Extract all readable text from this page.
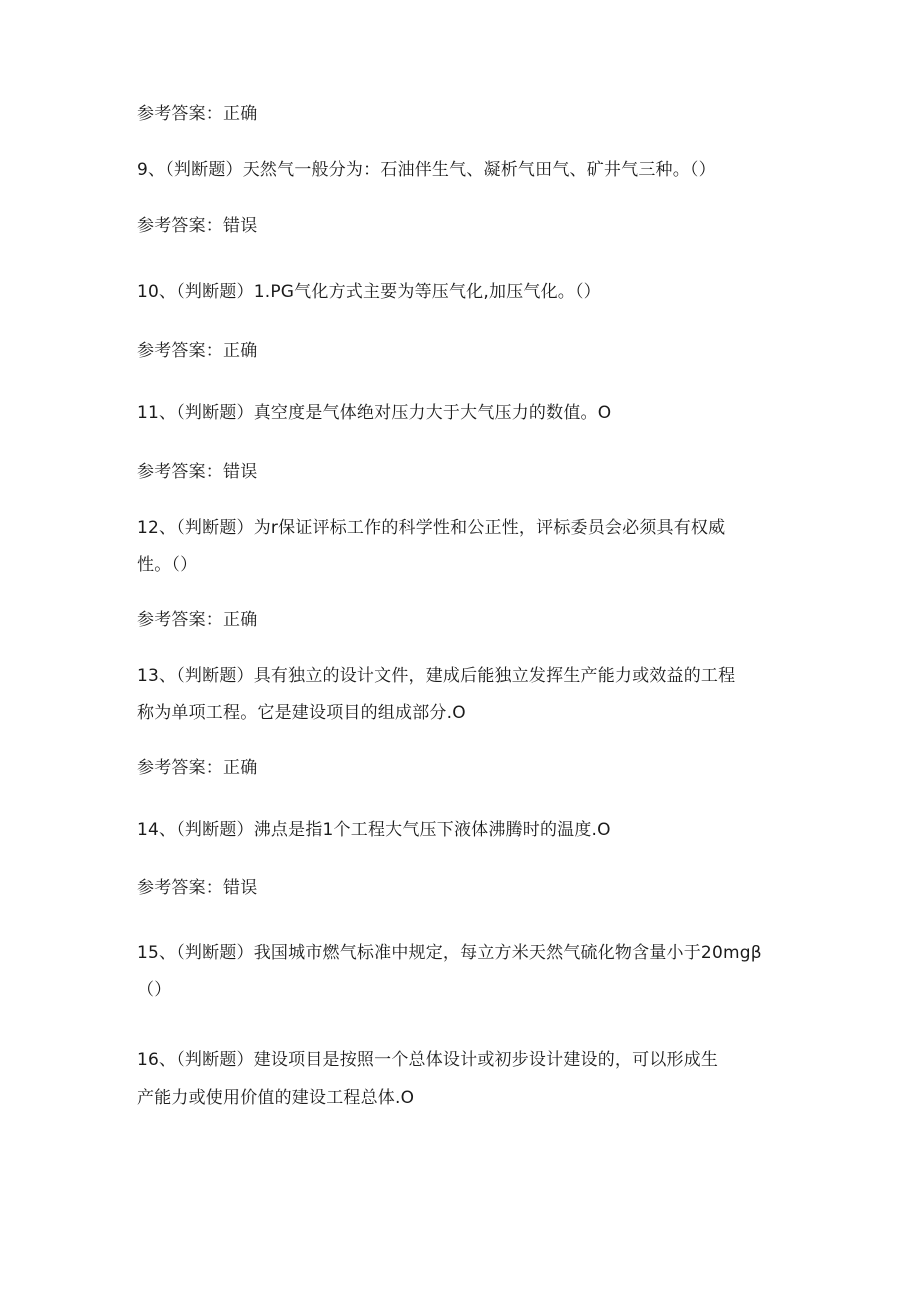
参考答案：正确
9、（判断题）天然气一般分为：石油伴生气、凝析气田气、矿井气三种。（）
参考答案：错误
10、（判断题）1.PG气化方式主要为等压气化,加压气化。（）
参考答案：正确
11、（判断题）真空度是气体绝对压力大于大气压力的数值。O
参考答案：错误
12、（判断题）为r保证评标工作的科学性和公正性，评标委员会必须具有权威
性。（）
参考答案：正确
13、（判断题）具有独立的设计文件，建成后能独立发挥生产能力或效益的工程
称为单项工程。它是建设项目的组成部分.O
参考答案：正确
14、（判断题）沸点是指1个工程大气压下液体沸腾时的温度.O
参考答案：错误
15、（判断题）我国城市燃气标准中规定，每立方米天然气硫化物含量小于20mgβ
（）
16、（判断题）建设项目是按照一个总体设计或初步设计建设的，可以形成生
产能力或使用价值的建设工程总体.O
